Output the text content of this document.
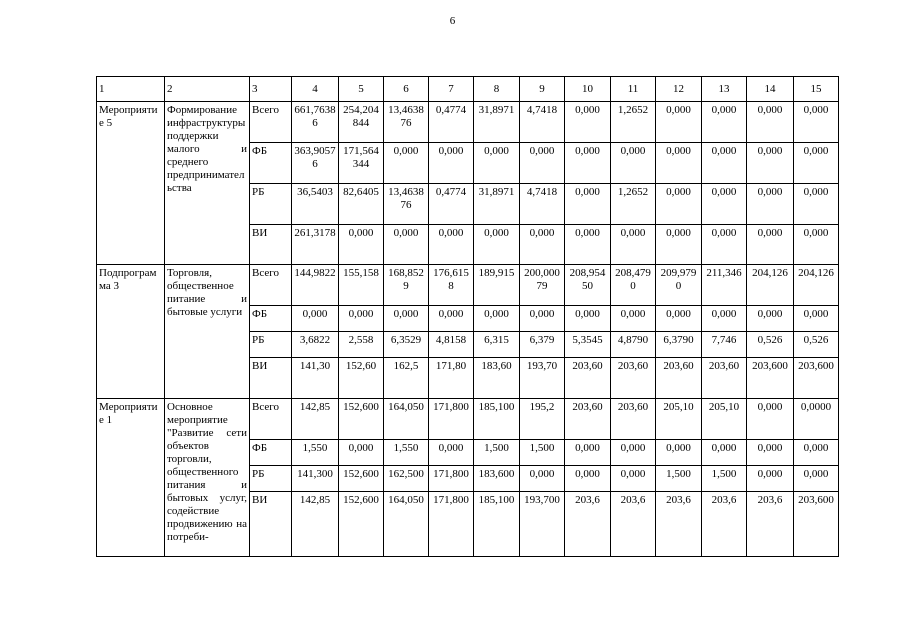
6
1	2	3	4	5	6	7	8	9	10	11	12	13	14	15
Мероприятие 5	Формирование инфраструктуры поддержки малого и среднего предпринимательства	Всего	661,76386	254,204844	13,463876	0,4774	31,8971	4,7418	0,000	1,2652	0,000	0,000	0,000	0,000
		ФБ	363,90576	171,564344	0,000	0,000	0,000	0,000	0,000	0,000	0,000	0,000	0,000	0,000
		РБ	36,5403	82,6405	13,463876	0,4774	31,8971	4,7418	0,000	1,2652	0,000	0,000	0,000	0,000
		ВИ	261,3178	0,000	0,000	0,000	0,000	0,000	0,000	0,000	0,000	0,000	0,000	0,000
Подпрограмма 3	Торговля, общественное питание и бытовые услуги	Всего	144,9822	155,158	168,8529	176,6158	189,915	200,00079	208,95450	208,4790	209,9790	211,346	204,126	204,126
		ФБ	0,000	0,000	0,000	0,000	0,000	0,000	0,000	0,000	0,000	0,000	0,000	0,000
		РБ	3,6822	2,558	6,3529	4,8158	6,315	6,379	5,3545	4,8790	6,3790	7,746	0,526	0,526
		ВИ	141,30	152,60	162,5	171,80	183,60	193,70	203,60	203,60	203,60	203,60	203,600	203,600
Мероприятие 1	Основное мероприятие "Развитие сети объектов торговли, общественного питания и бытовых услуг, содействие продвижению на потреби-	Всего	142,85	152,600	164,050	171,800	185,100	195,2	203,60	203,60	205,10	205,10	0,000	0,0000
		ФБ	1,550	0,000	1,550	0,000	1,500	1,500	0,000	0,000	0,000	0,000	0,000	0,000
		РБ	141,300	152,600	162,500	171,800	183,600	0,000	0,000	0,000	1,500	1,500	0,000	0,000
		ВИ	142,85	152,600	164,050	171,800	185,100	193,700	203,6	203,6	203,6	203,6	203,6	203,600
